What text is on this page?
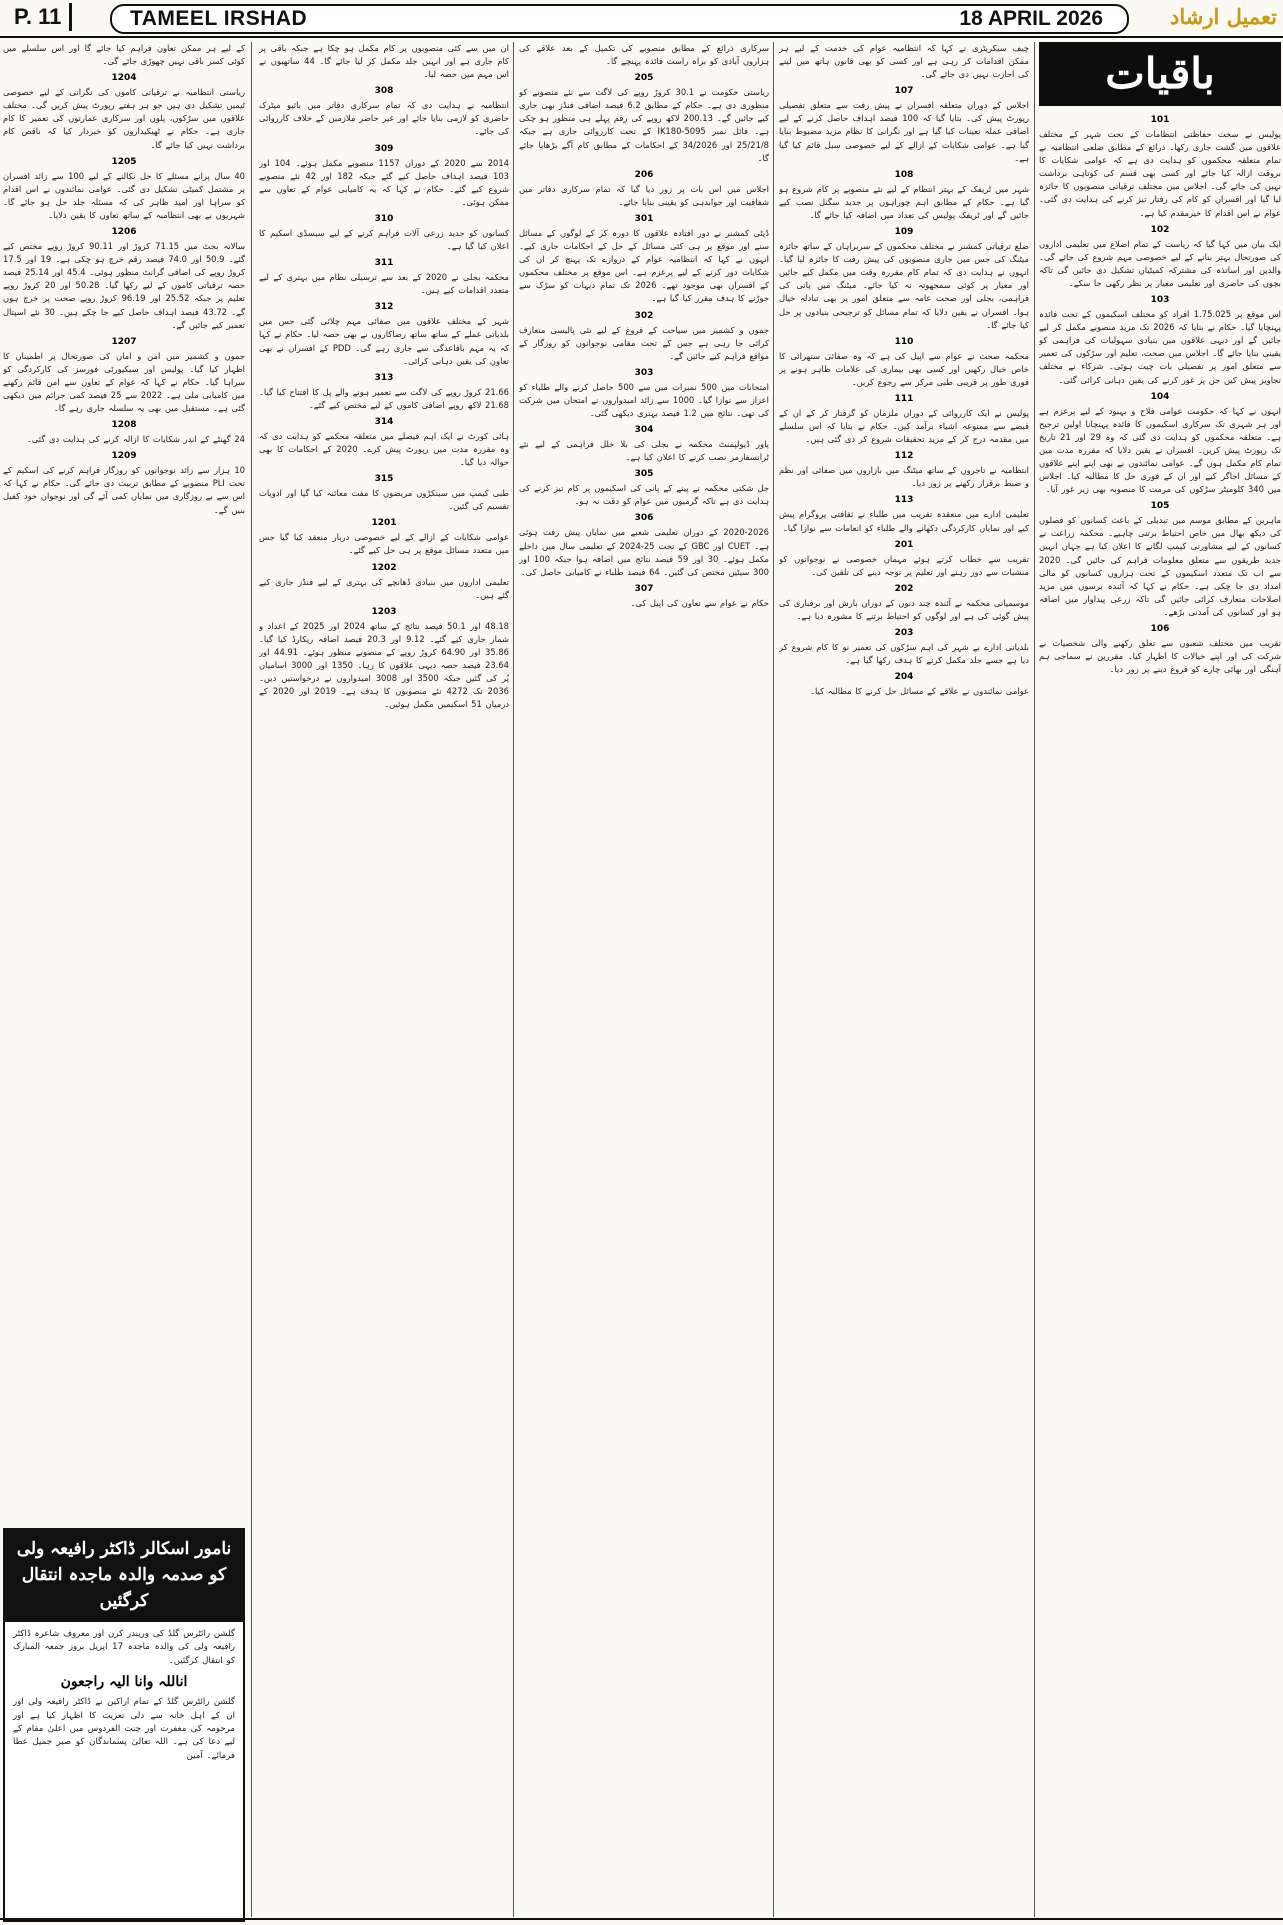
P. 11	TAMEEL IRSHAD	18 APRIL 2026	تعمیل ارشاد
باقیات
101

پولیس نے سخت حفاظتی انتظامات کے تحت شہر کے مختلف علاقوں میں گشت جاری رکھا۔ ذرائع کے مطابق ضلعی انتظامیہ نے تمام متعلقہ محکموں کو ہدایت دی ہے کہ عوامی شکایات کا بروقت ازالہ کیا جائے اور کسی بھی قسم کی کوتاہی برداشت نہیں کی جائے گی۔ اجلاس میں مختلف ترقیاتی منصوبوں کا جائزہ لیا گیا اور افسران کو کام کی رفتار تیز کرنے کی ہدایت دی گئی۔ عوام نے اس اقدام کا خیرمقدم کیا ہے۔

102

ایک بیان میں کہا گیا کہ ریاست کے تمام اضلاع میں تعلیمی اداروں کی صورتحال بہتر بنانے کے لیے خصوصی مہم شروع کی جائے گی۔ والدین اور اساتذہ کی مشترکہ کمیٹیاں تشکیل دی جائیں گی تاکہ بچوں کی حاضری اور تعلیمی معیار پر نظر رکھی جا سکے۔

103

اس موقع پر 1.75.025 افراد کو مختلف اسکیموں کے تحت فائدہ پہنچایا گیا۔ حکام نے بتایا کہ 2026 تک مزید منصوبے مکمل کر لیے جائیں گے اور دیہی علاقوں میں بنیادی سہولیات کی فراہمی کو یقینی بنایا جائے گا۔ اجلاس میں صحت، تعلیم اور سڑکوں کی تعمیر سے متعلق امور پر تفصیلی بات چیت ہوئی۔ شرکاء نے مختلف تجاویز پیش کیں جن پر غور کرنے کی یقین دہانی کرائی گئی۔

104

انہوں نے کہا کہ حکومت عوامی فلاح و بہبود کے لیے پرعزم ہے اور ہر شہری تک سرکاری اسکیموں کا فائدہ پہنچانا اولین ترجیح ہے۔ متعلقہ محکموں کو ہدایت دی گئی کہ وہ 29 اور 21 تاریخ تک رپورٹ پیش کریں۔ افسران نے یقین دلایا کہ مقررہ مدت میں تمام کام مکمل ہوں گے۔ عوامی نمائندوں نے بھی اپنے اپنے علاقوں کے مسائل اجاگر کیے اور ان کے فوری حل کا مطالبہ کیا۔ اجلاس میں 340 کلومیٹر سڑکوں کی مرمت کا منصوبہ بھی زیر غور آیا۔

105

ماہرین کے مطابق موسم میں تبدیلی کے باعث کسانوں کو فصلوں کی دیکھ بھال میں خاص احتیاط برتنی چاہیے۔ محکمہ زراعت نے کسانوں کے لیے مشاورتی کیمپ لگانے کا اعلان کیا ہے جہاں انہیں جدید طریقوں سے متعلق معلومات فراہم کی جائیں گی۔ 2020 سے اب تک متعدد اسکیموں کے تحت ہزاروں کسانوں کو مالی امداد دی جا چکی ہے۔ حکام نے کہا کہ آئندہ برسوں میں مزید اصلاحات متعارف کرائی جائیں گی تاکہ زرعی پیداوار میں اضافہ ہو اور کسانوں کی آمدنی بڑھے۔

106

تقریب میں مختلف شعبوں سے تعلق رکھنے والی شخصیات نے شرکت کی اور اپنے خیالات کا اظہار کیا۔ مقررین نے سماجی ہم آہنگی اور بھائی چارے کو فروغ دینے پر زور دیا۔

چیف سیکریٹری نے کہا کہ انتظامیہ عوام کی خدمت کے لیے ہر ممکن اقدامات کر رہی ہے اور کسی کو بھی قانون ہاتھ میں لینے کی اجازت نہیں دی جائے گی۔

107

اجلاس کے دوران متعلقہ افسران نے پیش رفت سے متعلق تفصیلی رپورٹ پیش کی۔ بتایا گیا کہ 100 فیصد اہداف حاصل کرنے کے لیے اضافی عملہ تعینات کیا گیا ہے اور نگرانی کا نظام مزید مضبوط بنایا گیا ہے۔ عوامی شکایات کے ازالے کے لیے خصوصی سیل قائم کیا گیا ہے۔

108

شہر میں ٹریفک کے بہتر انتظام کے لیے نئے منصوبے پر کام شروع ہو گیا ہے۔ حکام کے مطابق اہم چوراہوں پر جدید سگنل نصب کیے جائیں گے اور ٹریفک پولیس کی تعداد میں اضافہ کیا جائے گا۔

109

ضلع ترقیاتی کمشنر نے مختلف محکموں کے سربراہان کے ساتھ جائزہ میٹنگ کی جس میں جاری منصوبوں کی پیش رفت کا جائزہ لیا گیا۔ انہوں نے ہدایت دی کہ تمام کام مقررہ وقت میں مکمل کیے جائیں اور معیار پر کوئی سمجھوتہ نہ کیا جائے۔ میٹنگ میں پانی کی فراہمی، بجلی اور صحت عامہ سے متعلق امور پر بھی تبادلہ خیال ہوا۔ افسران نے یقین دلایا کہ تمام مسائل کو ترجیحی بنیادوں پر حل کیا جائے گا۔

110

محکمہ صحت نے عوام سے اپیل کی ہے کہ وہ صفائی ستھرائی کا خاص خیال رکھیں اور کسی بھی بیماری کی علامات ظاہر ہونے پر فوری طور پر قریبی طبی مرکز سے رجوع کریں۔

111

پولیس نے ایک کارروائی کے دوران ملزمان کو گرفتار کر کے ان کے قبضے سے ممنوعہ اشیاء برآمد کیں۔ حکام نے بتایا کہ اس سلسلے میں مقدمہ درج کر کے مزید تحقیقات شروع کر دی گئی ہیں۔

112

انتظامیہ نے تاجروں کے ساتھ میٹنگ میں بازاروں میں صفائی اور نظم و ضبط برقرار رکھنے پر زور دیا۔

113

تعلیمی ادارے میں منعقدہ تقریب میں طلباء نے ثقافتی پروگرام پیش کیے اور نمایاں کارکردگی دکھانے والے طلباء کو انعامات سے نوازا گیا۔

201

تقریب سے خطاب کرتے ہوئے مہمان خصوصی نے نوجوانوں کو منشیات سے دور رہنے اور تعلیم پر توجہ دینے کی تلقین کی۔

202

موسمیاتی محکمہ نے آئندہ چند دنوں کے دوران بارش اور برفباری کی پیش گوئی کی ہے اور لوگوں کو احتیاط برتنے کا مشورہ دیا ہے۔

203

بلدیاتی ادارے نے شہر کی اہم سڑکوں کی تعمیر نو کا کام شروع کر دیا ہے جسے جلد مکمل کرنے کا ہدف رکھا گیا ہے۔

204

عوامی نمائندوں نے علاقے کے مسائل حل کرنے کا مطالبہ کیا۔

سرکاری ذرائع کے مطابق منصوبے کی تکمیل کے بعد علاقے کی ہزاروں آبادی کو براہ راست فائدہ پہنچے گا۔

205

ریاستی حکومت نے 30.1 کروڑ روپے کی لاگت سے نئے منصوبے کو منظوری دی ہے۔ حکام کے مطابق 6.2 فیصد اضافی فنڈز بھی جاری کیے جائیں گے۔ 200.13 لاکھ روپے کی رقم پہلے ہی منظور ہو چکی ہے۔ فائل نمبر IK180-5095 کے تحت کارروائی جاری ہے جبکہ 25/21/8 اور 34/2026 کے احکامات کے مطابق کام آگے بڑھایا جائے گا۔

206

اجلاس میں اس بات پر زور دیا گیا کہ تمام سرکاری دفاتر میں شفافیت اور جوابدہی کو یقینی بنایا جائے۔

301

ڈپٹی کمشنر نے دور افتادہ علاقوں کا دورہ کر کے لوگوں کے مسائل سنے اور موقع پر ہی کئی مسائل کے حل کے احکامات جاری کیے۔ انہوں نے کہا کہ انتظامیہ عوام کے دروازے تک پہنچ کر ان کی شکایات دور کرنے کے لیے پرعزم ہے۔ اس موقع پر مختلف محکموں کے افسران بھی موجود تھے۔ 2026 تک تمام دیہات کو سڑک سے جوڑنے کا ہدف مقرر کیا گیا ہے۔

302

جموں و کشمیر میں سیاحت کے فروغ کے لیے نئی پالیسی متعارف کرائی جا رہی ہے جس کے تحت مقامی نوجوانوں کو روزگار کے مواقع فراہم کیے جائیں گے۔

303

امتحانات میں 500 نمبرات میں سے 500 حاصل کرنے والے طلباء کو اعزاز سے نوازا گیا۔ 1000 سے زائد امیدواروں نے امتحان میں شرکت کی تھی۔ نتائج میں 1.2 فیصد بہتری دیکھی گئی۔

304

پاور ڈیولپمنٹ محکمہ نے بجلی کی بلا خلل فراہمی کے لیے نئے ٹرانسفارمر نصب کرنے کا اعلان کیا ہے۔

305

جل شکتی محکمہ نے پینے کے پانی کی اسکیموں پر کام تیز کرنے کی ہدایت دی ہے تاکہ گرمیوں میں عوام کو دقت نہ ہو۔

306

2020-2026 کے دوران تعلیمی شعبے میں نمایاں پیش رفت ہوئی ہے۔ CUET اور GBC کے تحت 25-2024 کے تعلیمی سال میں داخلے مکمل ہوئے۔ 30 اور 59 فیصد نتائج میں اضافہ ہوا جبکہ 100 اور 300 سیٹیں مختص کی گئیں۔ 64 فیصد طلباء نے کامیابی حاصل کی۔

307

حکام نے عوام سے تعاون کی اپیل کی۔

ان میں سے کئی منصوبوں پر کام مکمل ہو چکا ہے جبکہ باقی پر کام جاری ہے اور انہیں جلد مکمل کر لیا جائے گا۔ 44 ساتھیوں نے اس مہم میں حصہ لیا۔

308

انتظامیہ نے ہدایت دی کہ تمام سرکاری دفاتر میں بائیو میٹرک حاضری کو لازمی بنایا جائے اور غیر حاضر ملازمین کے خلاف کارروائی کی جائے۔

309

2014 سے 2020 کے دوران 1157 منصوبے مکمل ہوئے۔ 104 اور 103 فیصد اہداف حاصل کیے گئے جبکہ 182 اور 42 نئے منصوبے شروع کیے گئے۔ حکام نے کہا کہ یہ کامیابی عوام کے تعاون سے ممکن ہوئی۔

310

کسانوں کو جدید زرعی آلات فراہم کرنے کے لیے سبسڈی اسکیم کا اعلان کیا گیا ہے۔

311

محکمہ بجلی نے 2020 کے بعد سے ترسیلی نظام میں بہتری کے لیے متعدد اقدامات کیے ہیں۔

312

شہر کے مختلف علاقوں میں صفائی مہم چلائی گئی جس میں بلدیاتی عملے کے ساتھ ساتھ رضاکاروں نے بھی حصہ لیا۔ حکام نے کہا کہ یہ مہم باقاعدگی سے جاری رہے گی۔ PDD کے افسران نے بھی تعاون کی یقین دہانی کرائی۔

313

21.66 کروڑ روپے کی لاگت سے تعمیر ہونے والے پل کا افتتاح کیا گیا۔ 21.68 لاکھ روپے اضافی کاموں کے لیے مختص کیے گئے۔

314

ہائی کورٹ نے ایک اہم فیصلے میں متعلقہ محکمے کو ہدایت دی کہ وہ مقررہ مدت میں رپورٹ پیش کرے۔ 2020 کے احکامات کا بھی حوالہ دیا گیا۔

315

طبی کیمپ میں سینکڑوں مریضوں کا مفت معائنہ کیا گیا اور ادویات تقسیم کی گئیں۔

1201

عوامی شکایات کے ازالے کے لیے خصوصی دربار منعقد کیا گیا جس میں متعدد مسائل موقع پر ہی حل کیے گئے۔

1202

تعلیمی اداروں میں بنیادی ڈھانچے کی بہتری کے لیے فنڈز جاری کیے گئے ہیں۔

1203

48.18 اور 50.1 فیصد نتائج کے ساتھ 2024 اور 2025 کے اعداد و شمار جاری کیے گئے۔ 9.12 اور 20.3 فیصد اضافہ ریکارڈ کیا گیا۔ 35.86 اور 64.90 کروڑ روپے کے منصوبے منظور ہوئے۔ 44.91 اور 23.64 فیصد حصہ دیہی علاقوں کا رہا۔ 1350 اور 3000 اسامیاں پُر کی گئیں جبکہ 3500 اور 3008 امیدواروں نے درخواستیں دیں۔ 2036 تک 4272 نئے منصوبوں کا ہدف ہے۔ 2019 اور 2020 کے درمیان 51 اسکیمیں مکمل ہوئیں۔

کے لیے ہر ممکن تعاون فراہم کیا جائے گا اور اس سلسلے میں کوئی کسر باقی نہیں چھوڑی جائے گی۔

1204

ریاستی انتظامیہ نے ترقیاتی کاموں کی نگرانی کے لیے خصوصی ٹیمیں تشکیل دی ہیں جو ہر ہفتے رپورٹ پیش کریں گی۔ مختلف علاقوں میں سڑکوں، پلوں اور سرکاری عمارتوں کی تعمیر کا کام جاری ہے۔ حکام نے ٹھیکیداروں کو خبردار کیا کہ ناقص کام برداشت نہیں کیا جائے گا۔

1205

40 سال پرانے مسئلے کا حل نکالنے کے لیے 100 سے زائد افسران پر مشتمل کمیٹی تشکیل دی گئی۔ عوامی نمائندوں نے اس اقدام کو سراہا اور امید ظاہر کی کہ مسئلہ جلد حل ہو جائے گا۔ شہریوں نے بھی انتظامیہ کے ساتھ تعاون کا یقین دلایا۔

1206

سالانہ بجٹ میں 71.15 کروڑ اور 90.11 کروڑ روپے مختص کیے گئے۔ 50.9 اور 74.0 فیصد رقم خرچ ہو چکی ہے۔ 19 اور 17.5 کروڑ روپے کی اضافی گرانٹ منظور ہوئی۔ 45.4 اور 25.14 فیصد حصہ ترقیاتی کاموں کے لیے رکھا گیا۔ 50.28 اور 20 کروڑ روپے تعلیم پر جبکہ 25.52 اور 96.19 کروڑ روپے صحت پر خرچ ہوں گے۔ 43.72 فیصد اہداف حاصل کیے جا چکے ہیں۔ 30 نئے اسپتال تعمیر کیے جائیں گے۔

1207

جموں و کشمیر میں امن و امان کی صورتحال پر اطمینان کا اظہار کیا گیا۔ پولیس اور سیکیورٹی فورسز کی کارکردگی کو سراہا گیا۔ حکام نے کہا کہ عوام کے تعاون سے امن قائم رکھنے میں کامیابی ملی ہے۔ 2022 سے 25 فیصد کمی جرائم میں دیکھی گئی ہے۔ مستقبل میں بھی یہ سلسلہ جاری رہے گا۔

1208

24 گھنٹے کے اندر شکایات کا ازالہ کرنے کی ہدایت دی گئی۔

1209

10 ہزار سے زائد نوجوانوں کو روزگار فراہم کرنے کی اسکیم کے تحت PLI منصوبے کے مطابق تربیت دی جائے گی۔ حکام نے کہا کہ اس سے بے روزگاری میں نمایاں کمی آئے گی اور نوجوان خود کفیل بنیں گے۔

نامور اسکالر ڈاکٹر رافیعہ ولی کو صدمہ والدہ ماجدہ انتقال کرگئیں

گلشن رائٹرس گلڈ کی وریندر کرن اور معروف شاعرہ ڈاکٹر رافیعہ ولی کی والدہ ماجدہ 17 اپریل بروز جمعہ المبارک کو انتقال کرگئیں۔

اناللہ وانا الیہ راجعون

گلشن رائٹرس گلڈ کے تمام اراکین نے ڈاکٹر رافیعہ ولی اور ان کے اہل خانہ سے دلی تعزیت کا اظہار کیا ہے اور مرحومہ کی مغفرت اور جنت الفردوس میں اعلیٰ مقام کے لیے دعا کی ہے۔ اللہ تعالیٰ پسماندگان کو صبر جمیل عطا فرمائے۔ آمین
